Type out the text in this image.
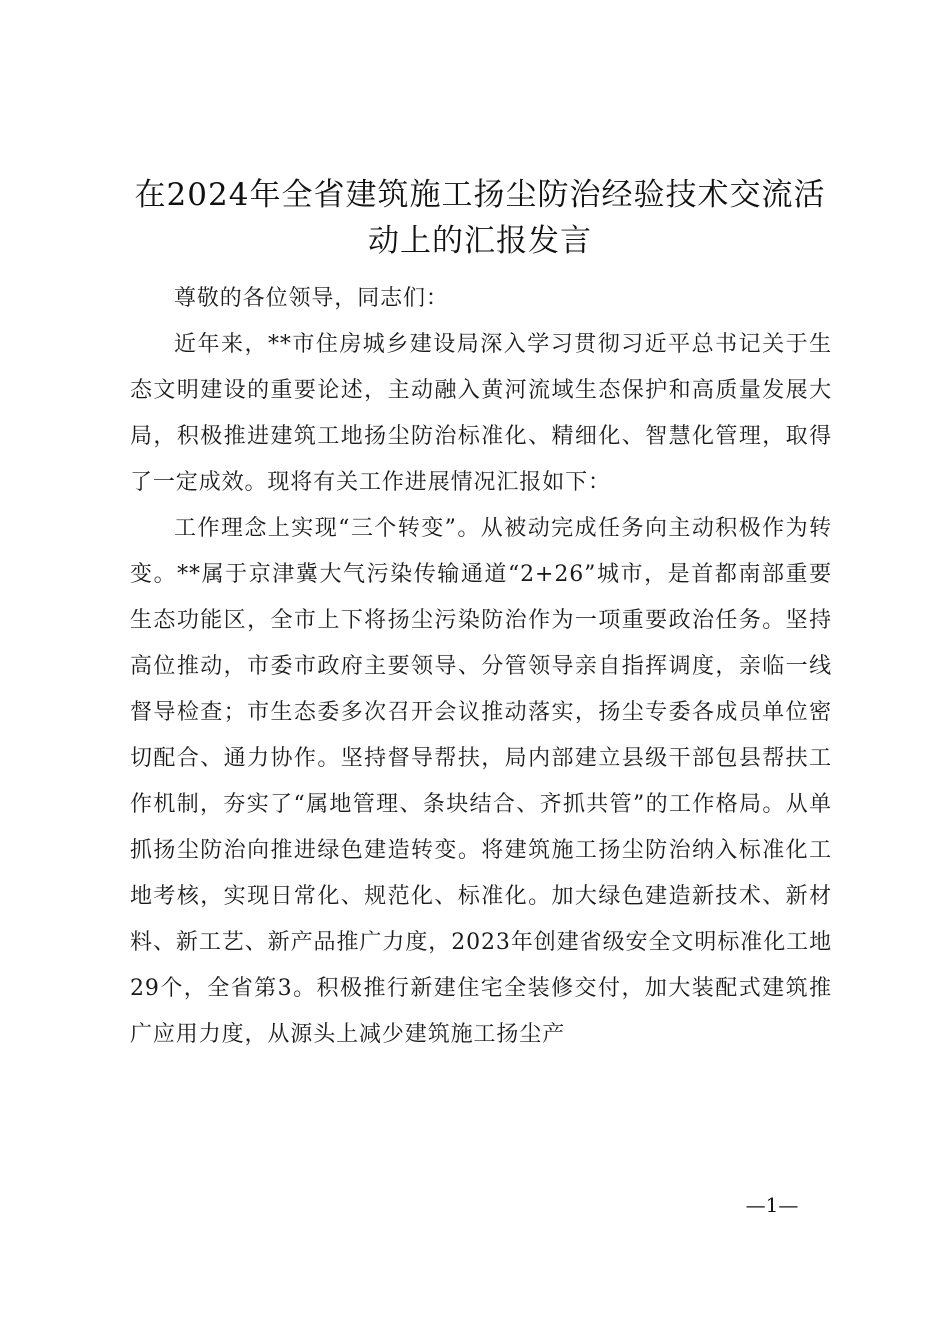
在2024年全省建筑施工扬尘防治经验技术交流活动上的汇报发言

尊敬的各位领导，同志们：

近年来，**市住房城乡建设局深入学习贯彻习近平总书记关于生态文明建设的重要论述，主动融入黄河流域生态保护和高质量发展大局，积极推进建筑工地扬尘防治标准化、精细化、智慧化管理，取得了一定成效。现将有关工作进展情况汇报如下：

工作理念上实现“三个转变”。从被动完成任务向主动积极作为转变。**属于京津冀大气污染传输通道“2+26”城市，是首都南部重要生态功能区，全市上下将扬尘污染防治作为一项重要政治任务。坚持高位推动，市委市政府主要领导、分管领导亲自指挥调度，亲临一线督导检查；市生态委多次召开会议推动落实，扬尘专委各成员单位密切配合、通力协作。坚持督导帮扶，局内部建立县级干部包县帮扶工作机制，夯实了“属地管理、条块结合、齐抓共管”的工作格局。从单抓扬尘防治向推进绿色建造转变。将建筑施工扬尘防治纳入标准化工地考核，实现日常化、规范化、标准化。加大绿色建造新技术、新材料、新工艺、新产品推广力度，2023年创建省级安全文明标准化工地29个，全省第3。积极推行新建住宅全装修交付，加大装配式建筑推广应用力度，从源头上减少建筑施工扬尘产

—1—
